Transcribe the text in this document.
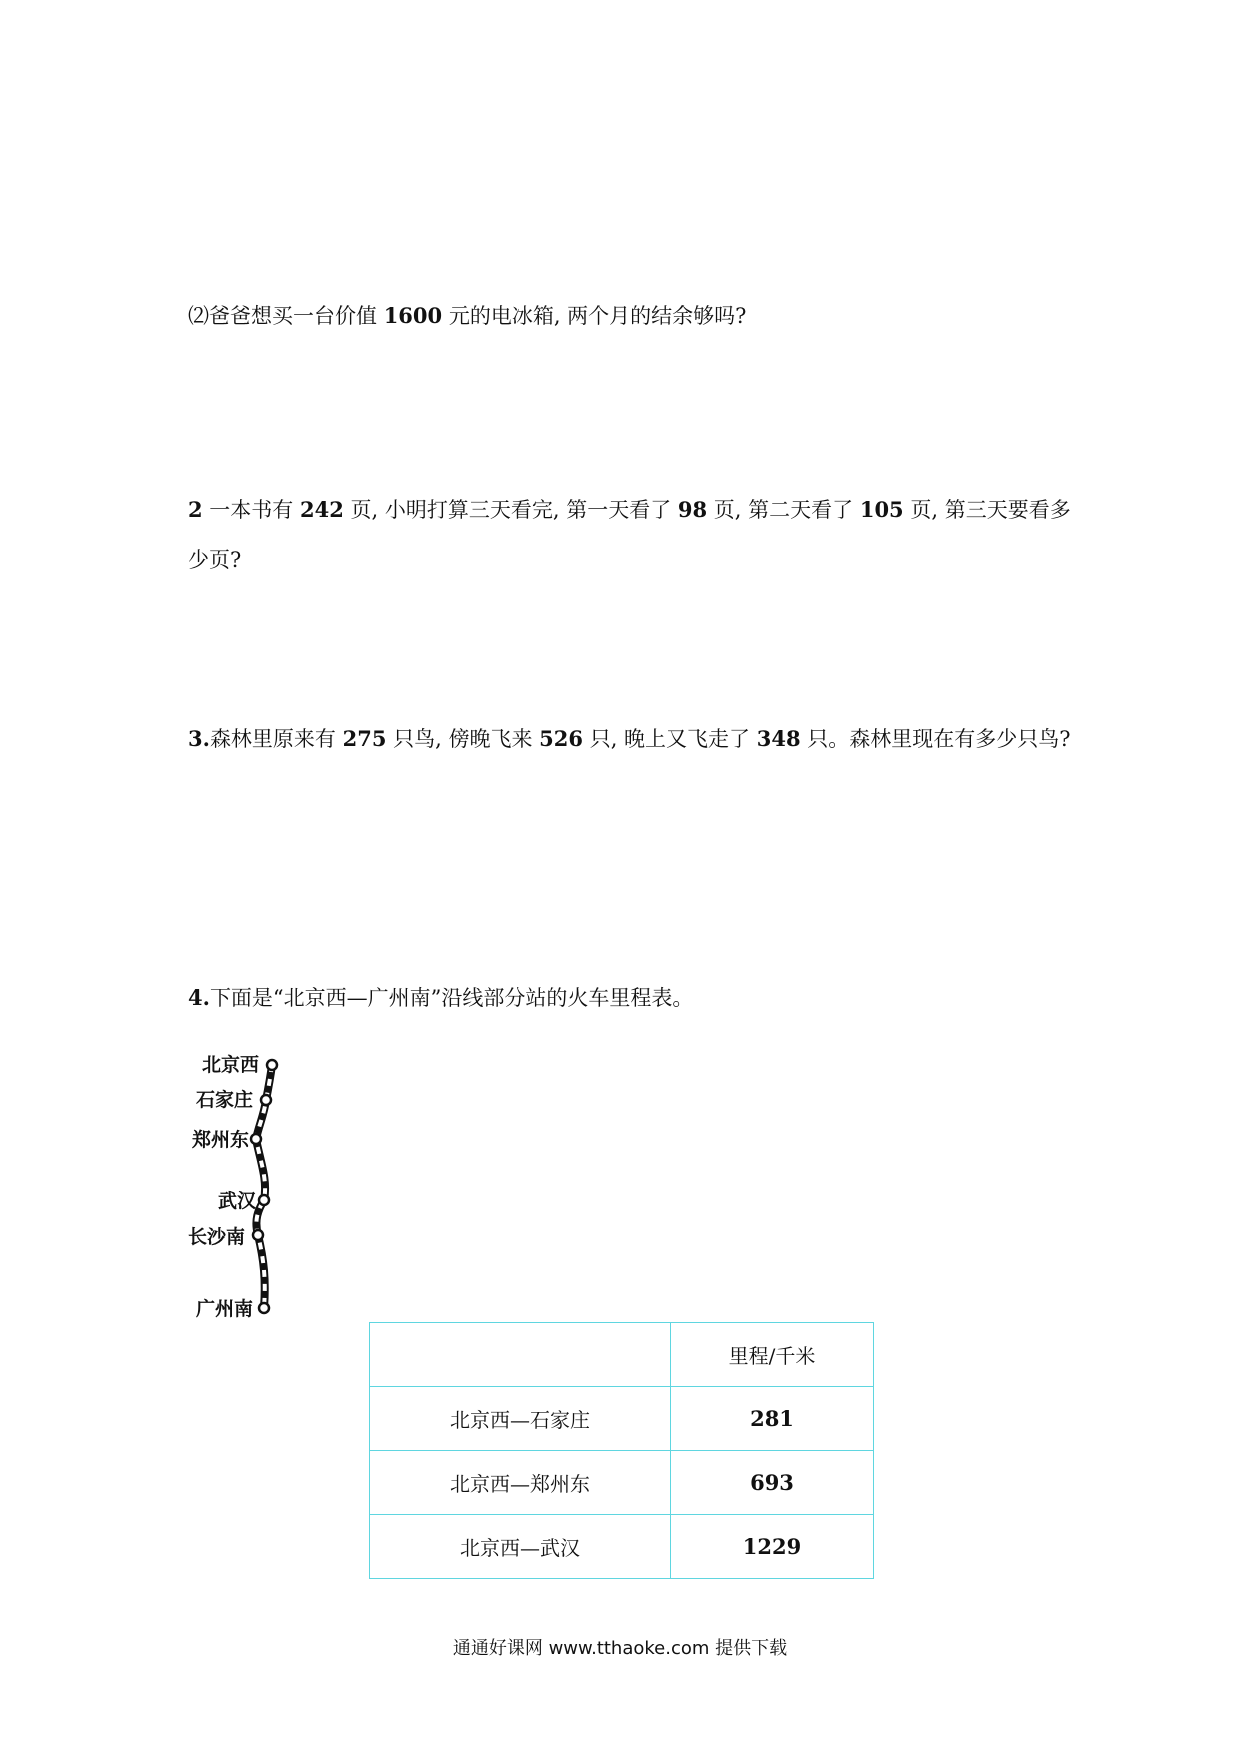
⑵爸爸想买一台价值 1600 元的电冰箱, 两个月的结余够吗?
2 一本书有 242 页, 小明打算三天看完, 第一天看了 98 页, 第二天看了 105 页, 第三天要看多
少页?
3.森林里原来有 275 只鸟, 傍晚飞来 526 只, 晚上又飞走了 348 只。森林里现在有多少只鸟?
4.下面是“北京西—广州南”沿线部分站的火车里程表。
北京西
石家庄
郑州东
武汉
长沙南
广州南
	里程/千米
北京西—石家庄	281
北京西—郑州东	693
北京西—武汉	1229
通通好课网 www.tthaoke.com 提供下载
